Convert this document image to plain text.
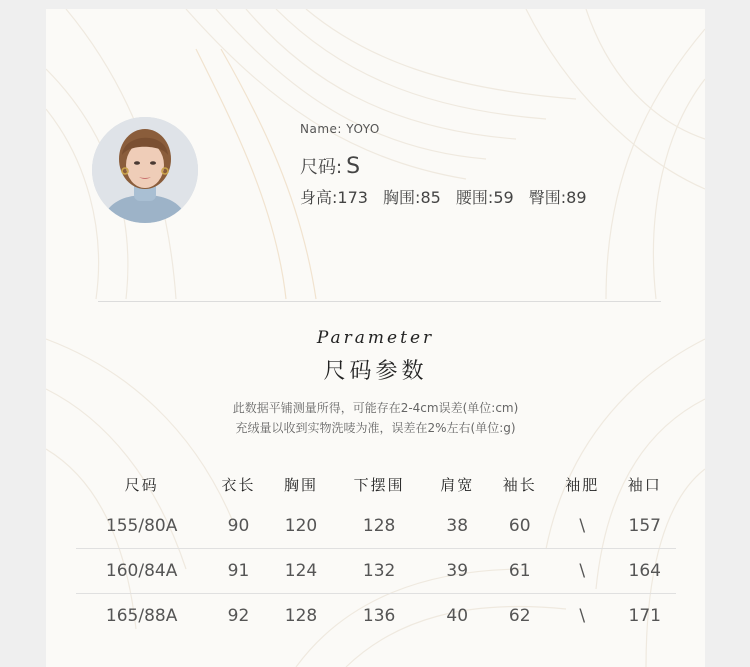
Name: YOYO
尺码: S
身高:173 胸围:85 腰围:59 臀围:89
Parameter
尺码参数
此数据平铺测量所得，可能存在2-4cm误差(单位:cm)
充绒量以收到实物洗唛为准，误差在2%左右(单位:g)
尺码	衣长	胸围	下摆围	肩宽	袖长	袖肥	袖口
155/80A	90	120	128	38	60	\	157
160/84A	91	124	132	39	61	\	164
165/88A	92	128	136	40	62	\	171
